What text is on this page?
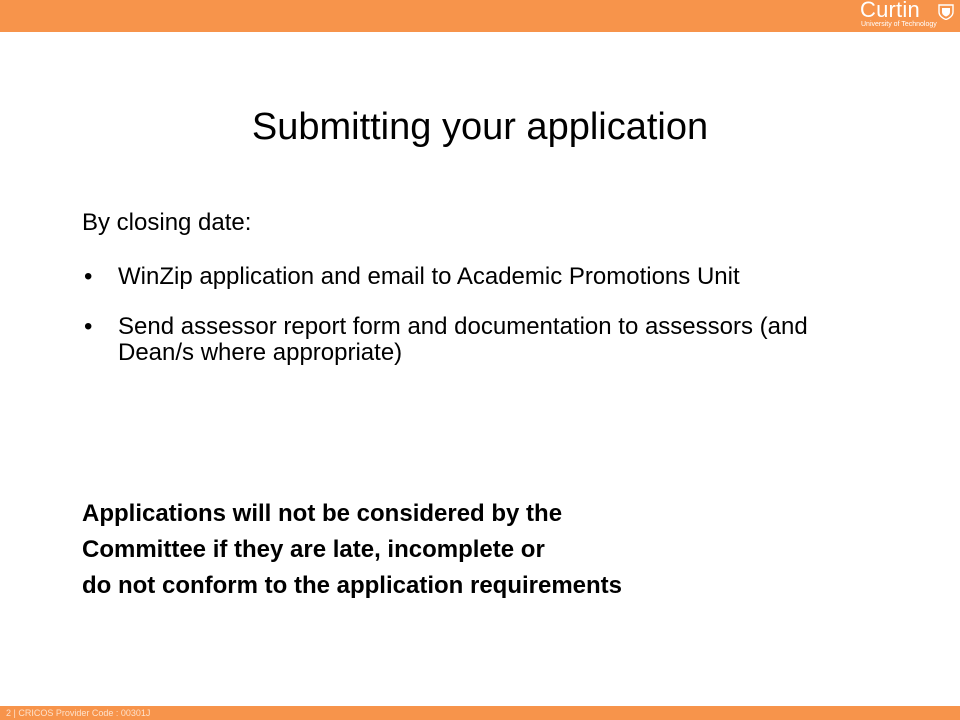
Curtin
University of Technology
Submitting your application
By closing date:
• WinZip application and email to Academic Promotions Unit
• Send assessor report form and documentation to assessors (and Dean/s where appropriate)
Applications will not be considered by the
Committee if they are late, incomplete or
do not conform to the application requirements
2 | CRICOS Provider Code : 00301J
